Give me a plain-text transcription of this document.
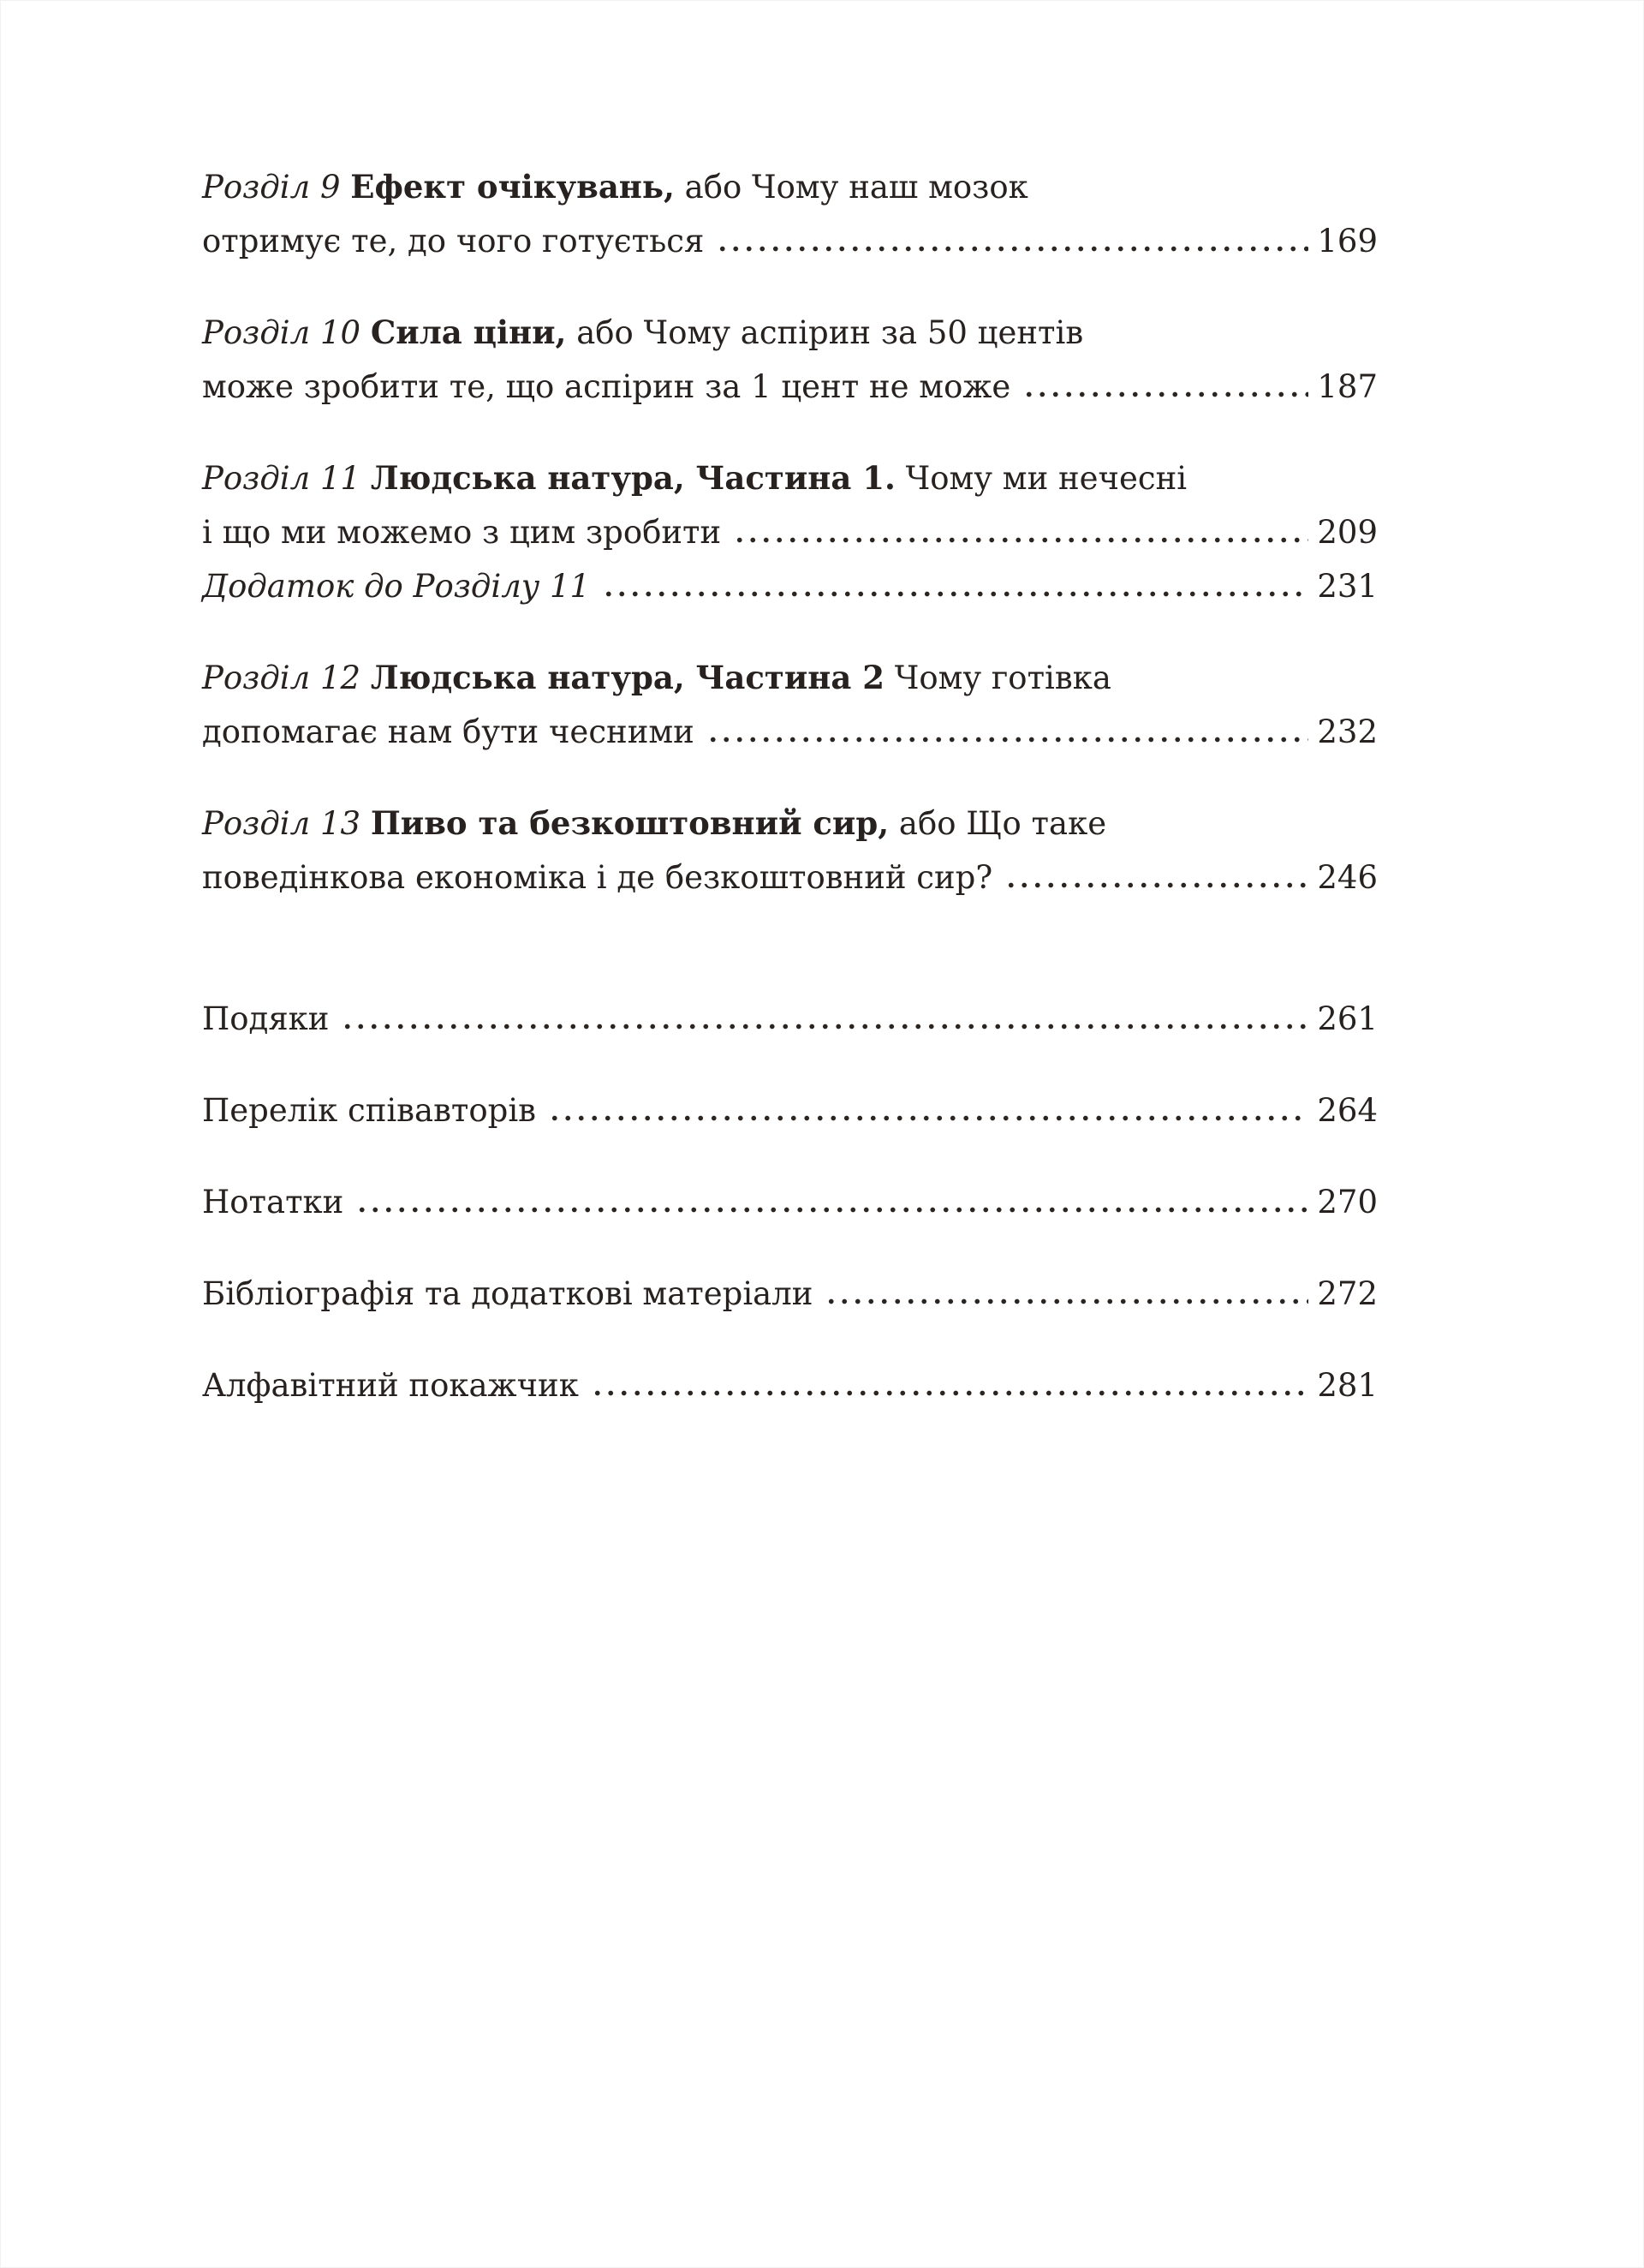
Розділ 9 Ефект очікувань, або Чому наш мозок
отримує те, до чого готується	169
Розділ 10 Сила ціни, або Чому аспірин за 50 центів
може зробити те, що аспірин за 1 цент не може	187
Розділ 11 Людська натура, Частина 1. Чому ми нечесні
і що ми можемо з цим зробити	209
Додаток до Розділу 11	231
Розділ 12 Людська натура, Частина 2 Чому готівка
допомагає нам бути чесними	232
Розділ 13 Пиво та безкоштовний сир, або Що таке
поведінкова економіка і де безкоштовний сир?	246
Подяки	261
Перелік співавторів	264
Нотатки	270
Бібліографія та додаткові матеріали	272
Алфавітний покажчик	281
